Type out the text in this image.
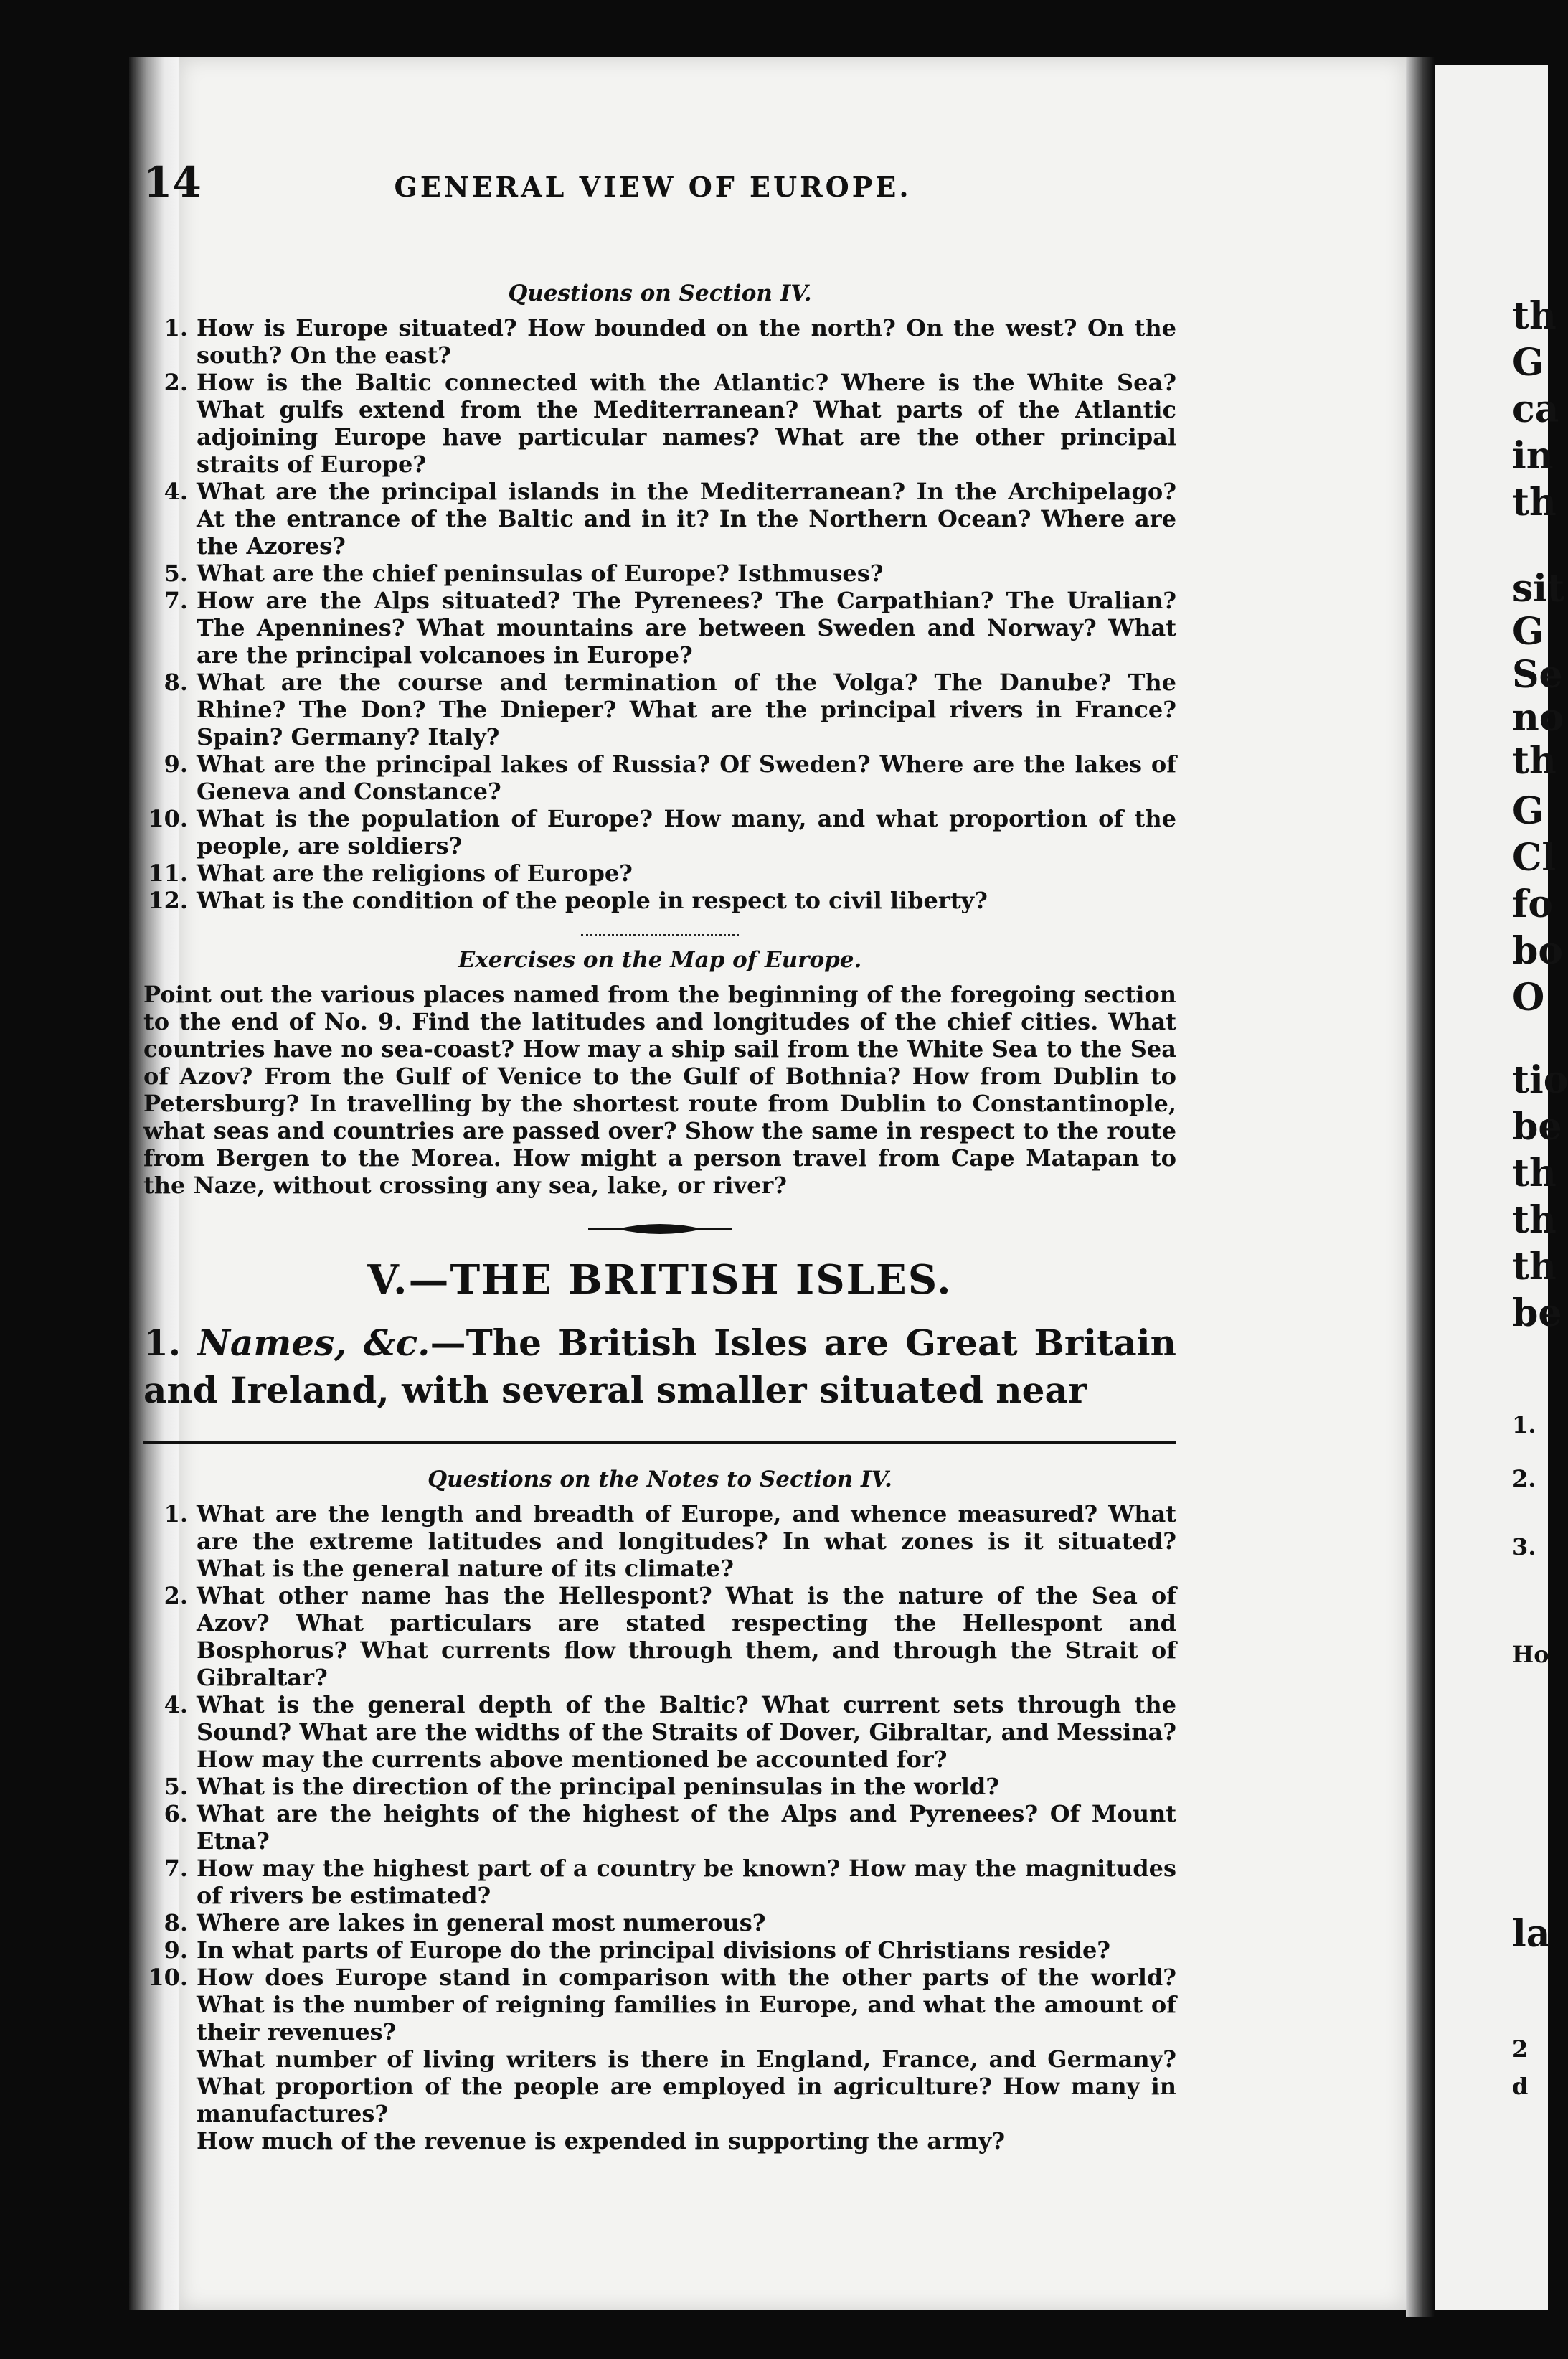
14	GENERAL VIEW OF EUROPE.
Questions on Section IV.
1. How is Europe situated? How bounded on the north? On the west? On the south? On the east?
2. How is the Baltic connected with the Atlantic? Where is the White Sea? What gulfs extend from the Mediterranean? What parts of the Atlantic adjoining Europe have particular names? What are the other principal straits of Europe?
4. What are the principal islands in the Mediterranean? In the Archipelago? At the entrance of the Baltic and in it? In the Northern Ocean? Where are the Azores?
5. What are the chief peninsulas of Europe? Isthmuses?
7. How are the Alps situated? The Pyrenees? The Carpathian? The Uralian? The Apennines? What mountains are between Sweden and Norway? What are the principal volcanoes in Europe?
8. What are the course and termination of the Volga? The Danube? The Rhine? The Don? The Dnieper? What are the principal rivers in France? Spain? Germany? Italy?
9. What are the principal lakes of Russia? Of Sweden? Where are the lakes of Geneva and Constance?
10. What is the population of Europe? How many, and what proportion of the people, are soldiers?
11. What are the religions of Europe?
12. What is the condition of the people in respect to civil liberty?
Exercises on the Map of Europe.

Point out the various places named from the beginning of the foregoing section to the end of No. 9. Find the latitudes and longitudes of the chief cities. What countries have no sea-coast? How may a ship sail from the White Sea to the Sea of Azov? From the Gulf of Venice to the Gulf of Bothnia? How from Dublin to Petersburg? In travelling by the shortest route from Dublin to Constantinople, what seas and countries are passed over? Show the same in respect to the route from Bergen to the Morea. How might a person travel from Cape Matapan to the Naze, without crossing any sea, lake, or river?

V.—THE BRITISH ISLES.

1. Names, &c.—The British Isles are Great Britain and Ireland, with several smaller situated near

Questions on the Notes to Section IV.
1. What are the length and breadth of Europe, and whence measured? What are the extreme latitudes and longitudes? In what zones is it situated? What is the general nature of its climate?
2. What other name has the Hellespont? What is the nature of the Sea of Azov? What particulars are stated respecting the Hellespont and Bosphorus? What currents flow through them, and through the Strait of Gibraltar?
4. What is the general depth of the Baltic? What current sets through the Sound? What are the widths of the Straits of Dover, Gibraltar, and Messina? How may the currents above mentioned be accounted for?
5. What is the direction of the principal peninsulas in the world?
6. What are the heights of the highest of the Alps and Pyrenees? Of Mount Etna?
7. How may the highest part of a country be known? How may the magnitudes of rivers be estimated?
8. Where are lakes in general most numerous?
9. In what parts of Europe do the principal divisions of Christians reside?
10. How does Europe stand in comparison with the other parts of the world? What is the number of reigning families in Europe, and what the amount of their revenues?
What number of living writers is there in England, France, and Germany? What proportion of the people are employed in agriculture? How many in manufactures?
How much of the revenue is expended in supporting the army?
th
G
ca
in
th
sit
G
Se
no
th
G
Cl
fo
bo
O
tio
be
th
th
th
be
1.
2.
3.
Ho
la
2 d
